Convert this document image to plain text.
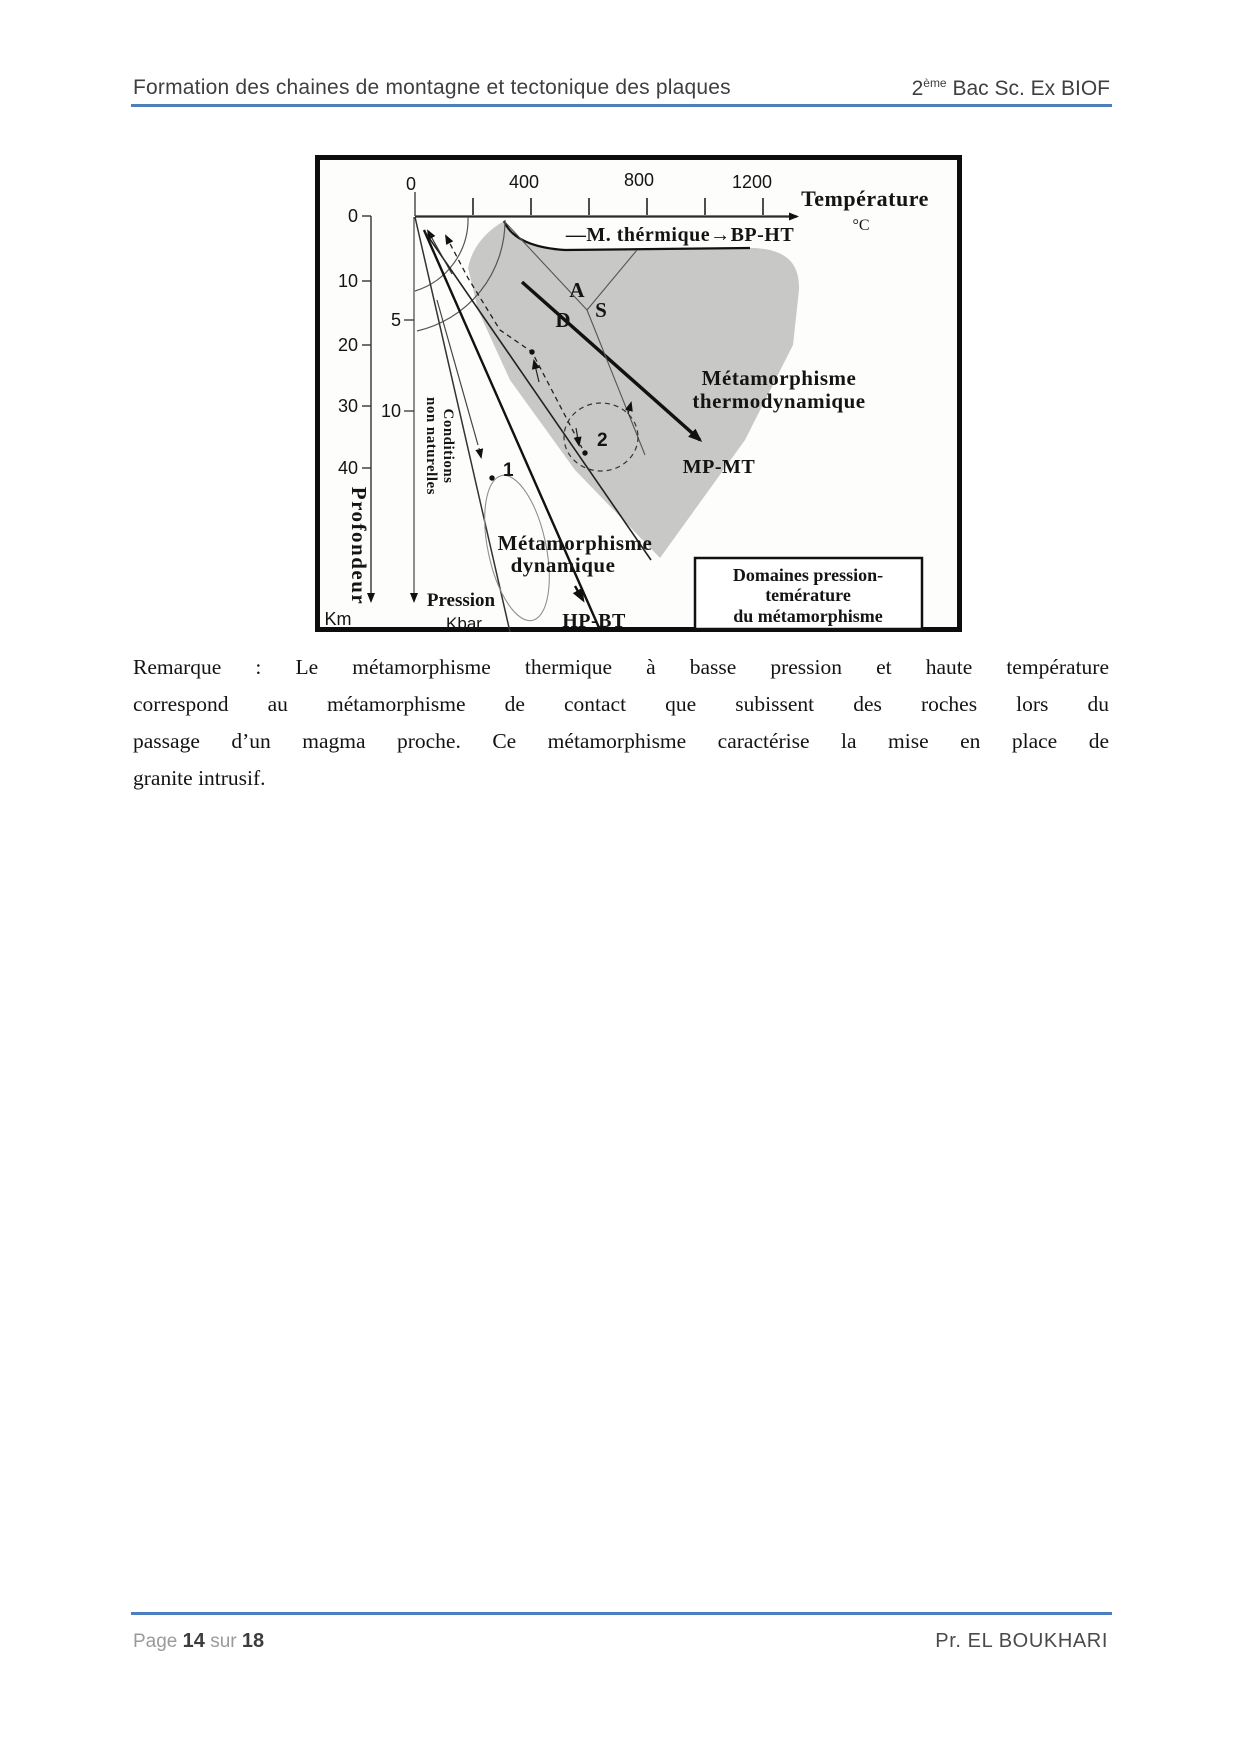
Formation des chaines de montagne et tectonique des plaques	2ème Bac Sc. Ex BIOF
0	400	800	1200
Température
°C
—M. thérmique→BP-HT
0
10
20
30
40
Profondeur
Km
5
10
Pression
Kbar
Conditions
non naturelles
A
D S
2
1
Métamorphisme
thermodynamique
MP-MT
Métamorphisme
dynamique
HP-BT
Domaines pression-
temérature
du métamorphisme
Remarque : Le métamorphisme thermique à basse pression et haute température
correspond au métamorphisme de contact que subissent des roches lors du
passage d’un magma proche. Ce métamorphisme caractérise la mise en place de
granite intrusif.
Page 14 sur 18	Pr. EL BOUKHARI
